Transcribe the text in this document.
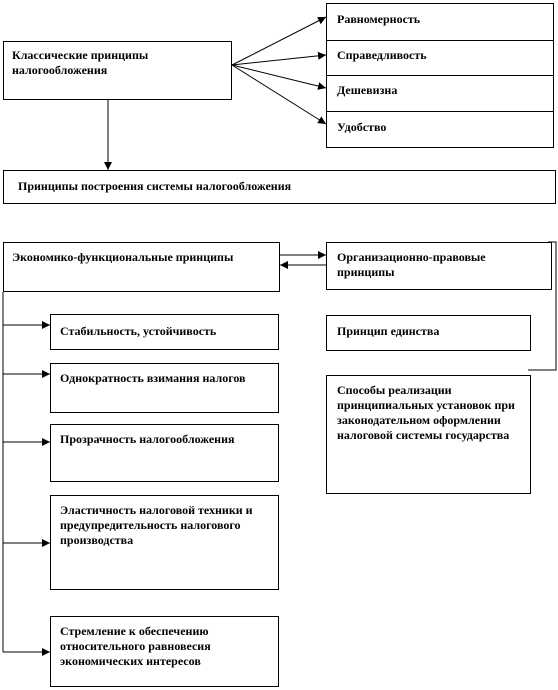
Классические принципы налогообложения
Равномерность
Справедливость
Дешевизна
Удобство
Принципы построения системы налогообложения
Экономико-функциональные принципы	Организационно-правовые принципы
Принцип единства
Способы реализации принципиальных установок при законодательном оформлении налоговой системы государства
Стабильность, устойчивость
Однократность взимания налогов
Прозрачность налогообложения
Эластичность налоговой техники и предупредительность налогового производства
Стремление к обеспечению относительного равновесия экономических интересов
